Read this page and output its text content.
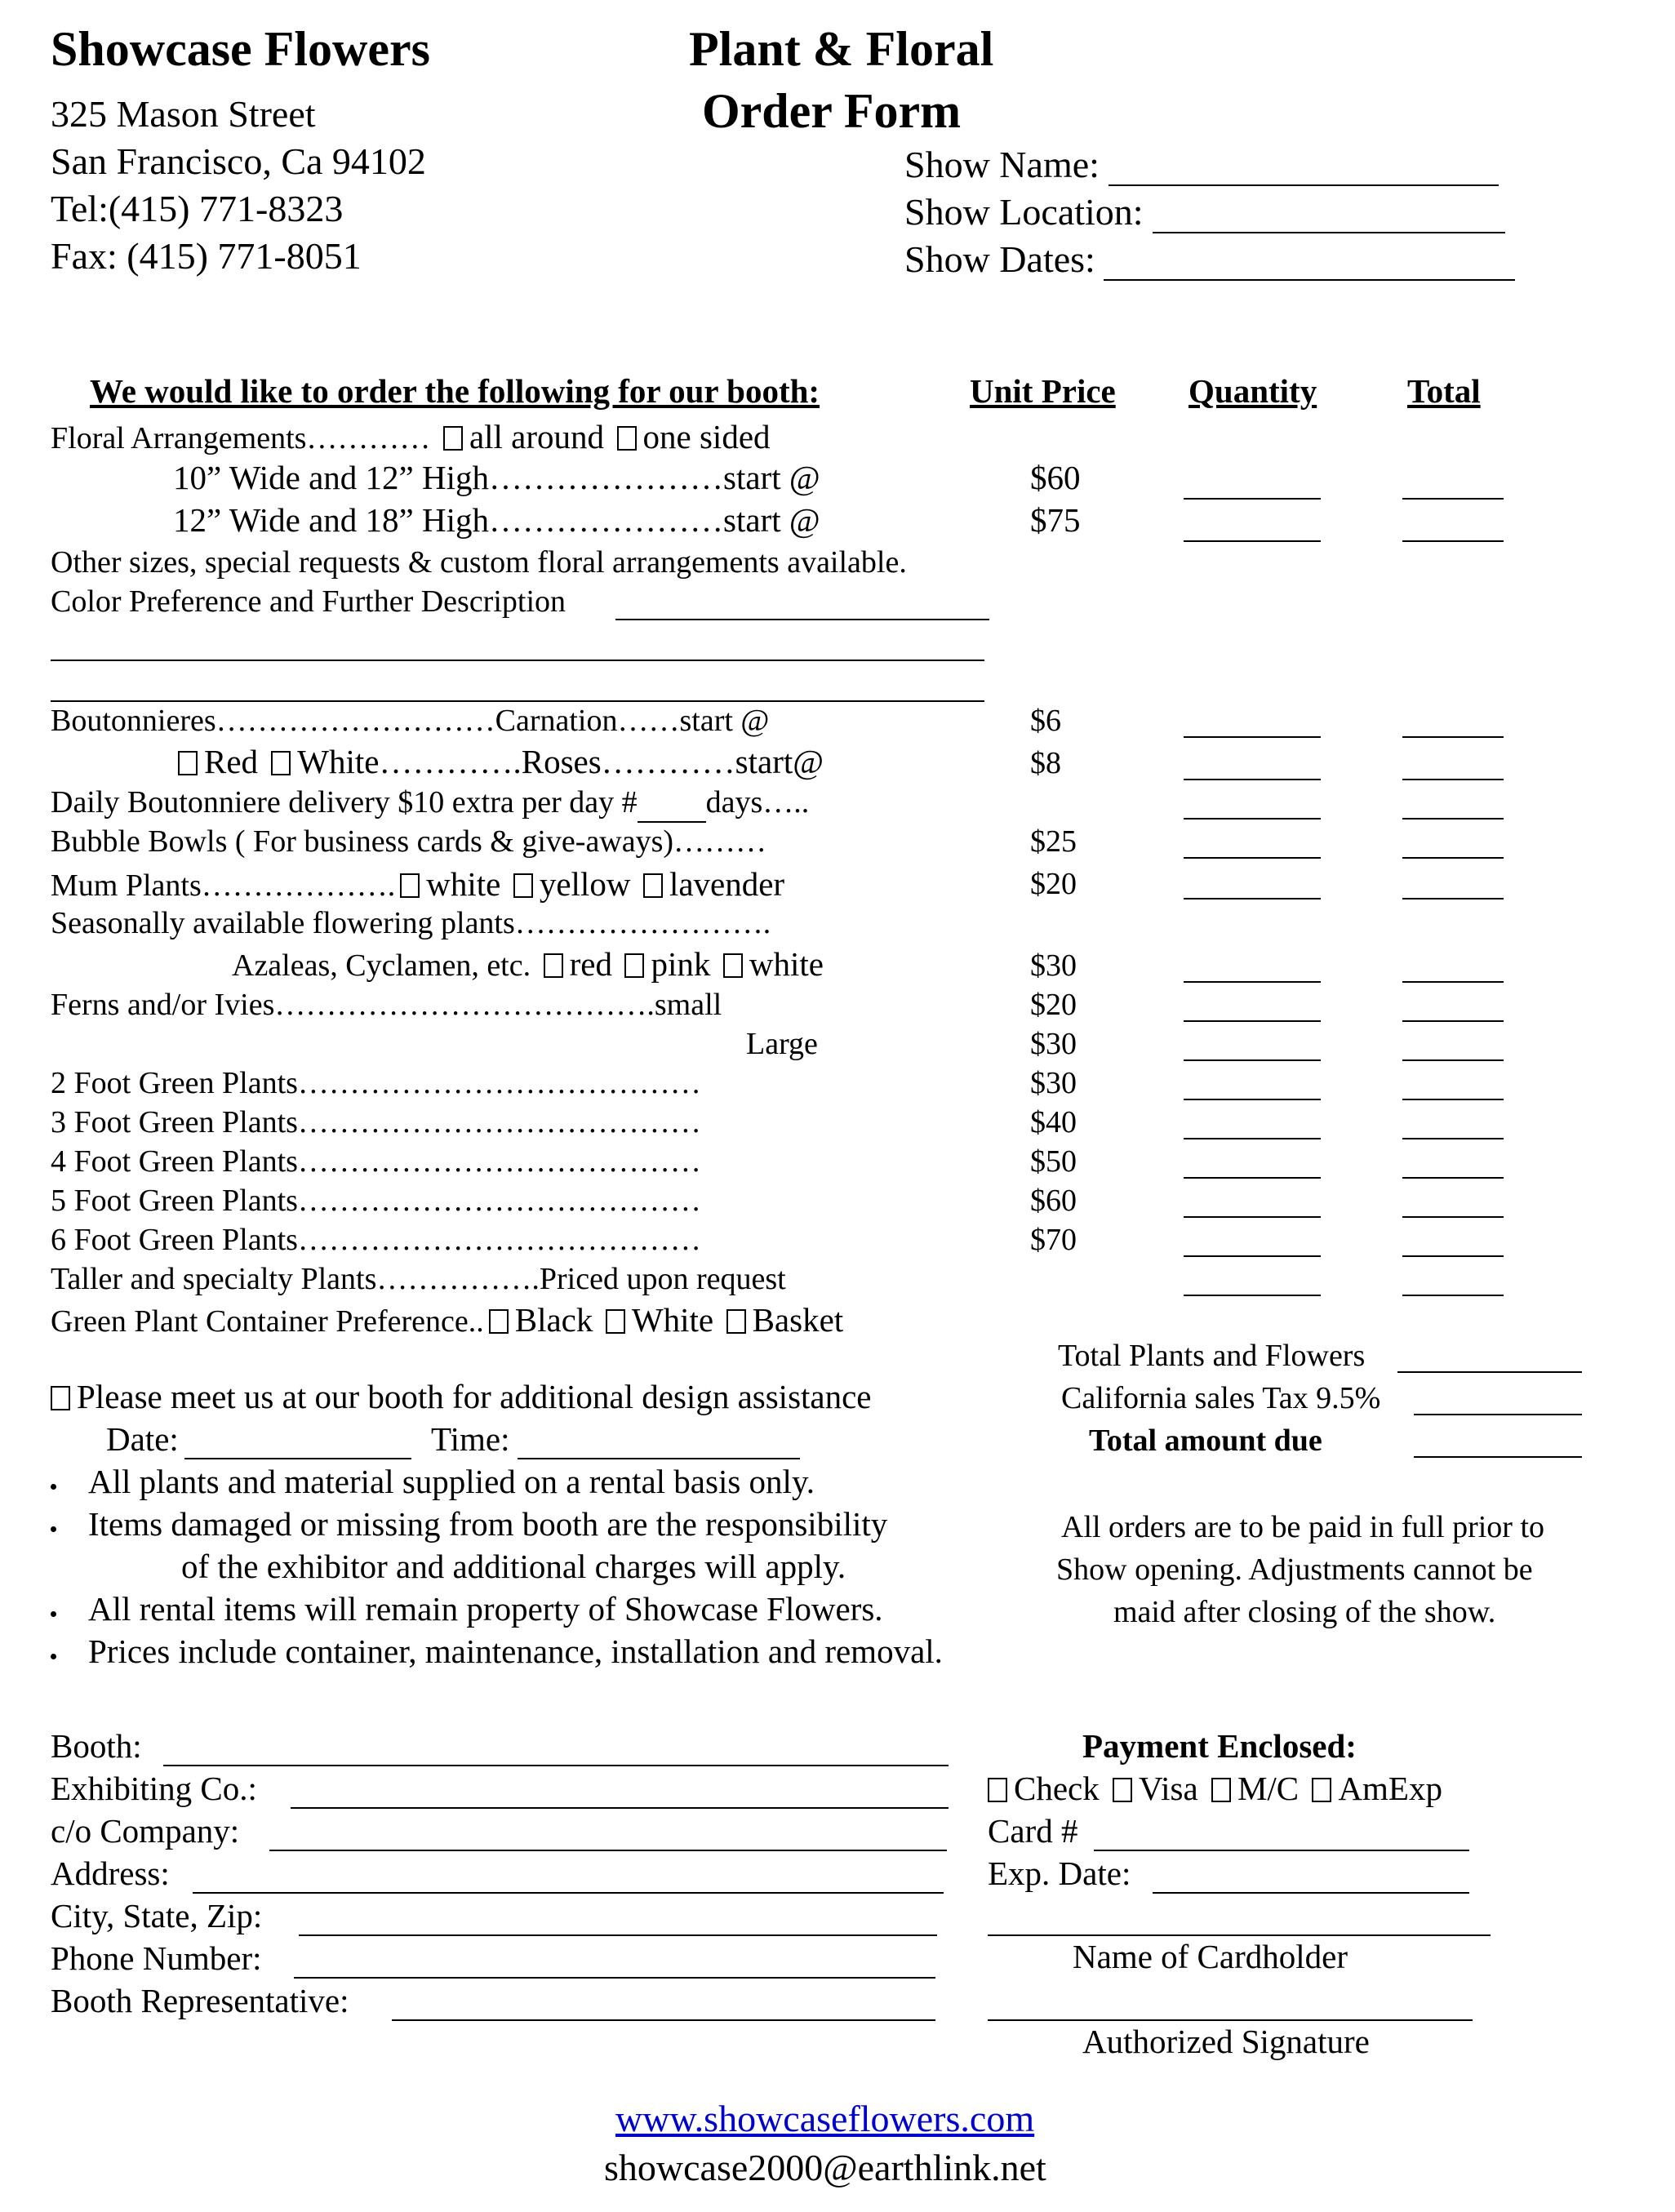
Showcase Flowers
325 Mason Street
San Francisco, Ca 94102
Tel:(415) 771-8323
Fax: (415) 771-8051
Plant & Floral
Order Form
Show Name:
Show Location:
Show Dates:
We would like to order the following for our booth:	Unit Price Quantity	Total
Floral Arrangements………… all around one sided
10” Wide and 12” High…………………start @	$60
12” Wide and 18” High…………………start @	$75
Other sizes, special requests & custom floral arrangements available.
Color Preference and Further Description
Boutonnieres………………………Carnation……start @	$6
Red White………….Roses…………start@	$8
Daily Boutonniere delivery $10 extra per day # days…..
Bubble Bowls ( For business cards & give-aways)………	$25
Mum Plants………………. white yellow lavender	$20
Seasonally available flowering plants…………………….
Azaleas, Cyclamen, etc. red pink white	$30
Ferns and/or Ivies……………………………….small	$20
Large	$30
2 Foot Green Plants…………………………………	$30
3 Foot Green Plants…………………………………	$40
4 Foot Green Plants…………………………………	$50
5 Foot Green Plants…………………………………	$60
6 Foot Green Plants…………………………………	$70
Taller and specialty Plants…………….Priced upon request
Green Plant Container Preference.. Black White Basket
Total Plants and Flowers
California sales Tax 9.5%
Total amount due
Please meet us at our booth for additional design assistance
Date:	Time:
All plants and material supplied on a rental basis only.
Items damaged or missing from booth are the responsibility
of the exhibitor and additional charges will apply.
All rental items will remain property of Showcase Flowers.
Prices include container, maintenance, installation and removal.
All orders are to be paid in full prior to
Show opening. Adjustments cannot be
maid after closing of the show.
Booth:
Exhibiting Co.:
c/o Company:
Address:
City, State, Zip:
Phone Number:
Booth Representative:
Payment Enclosed:
Check Visa M/C AmExp
Card #
Exp. Date:
Name of Cardholder
Authorized Signature
www.showcaseflowers.com
showcase2000@earthlink.net
